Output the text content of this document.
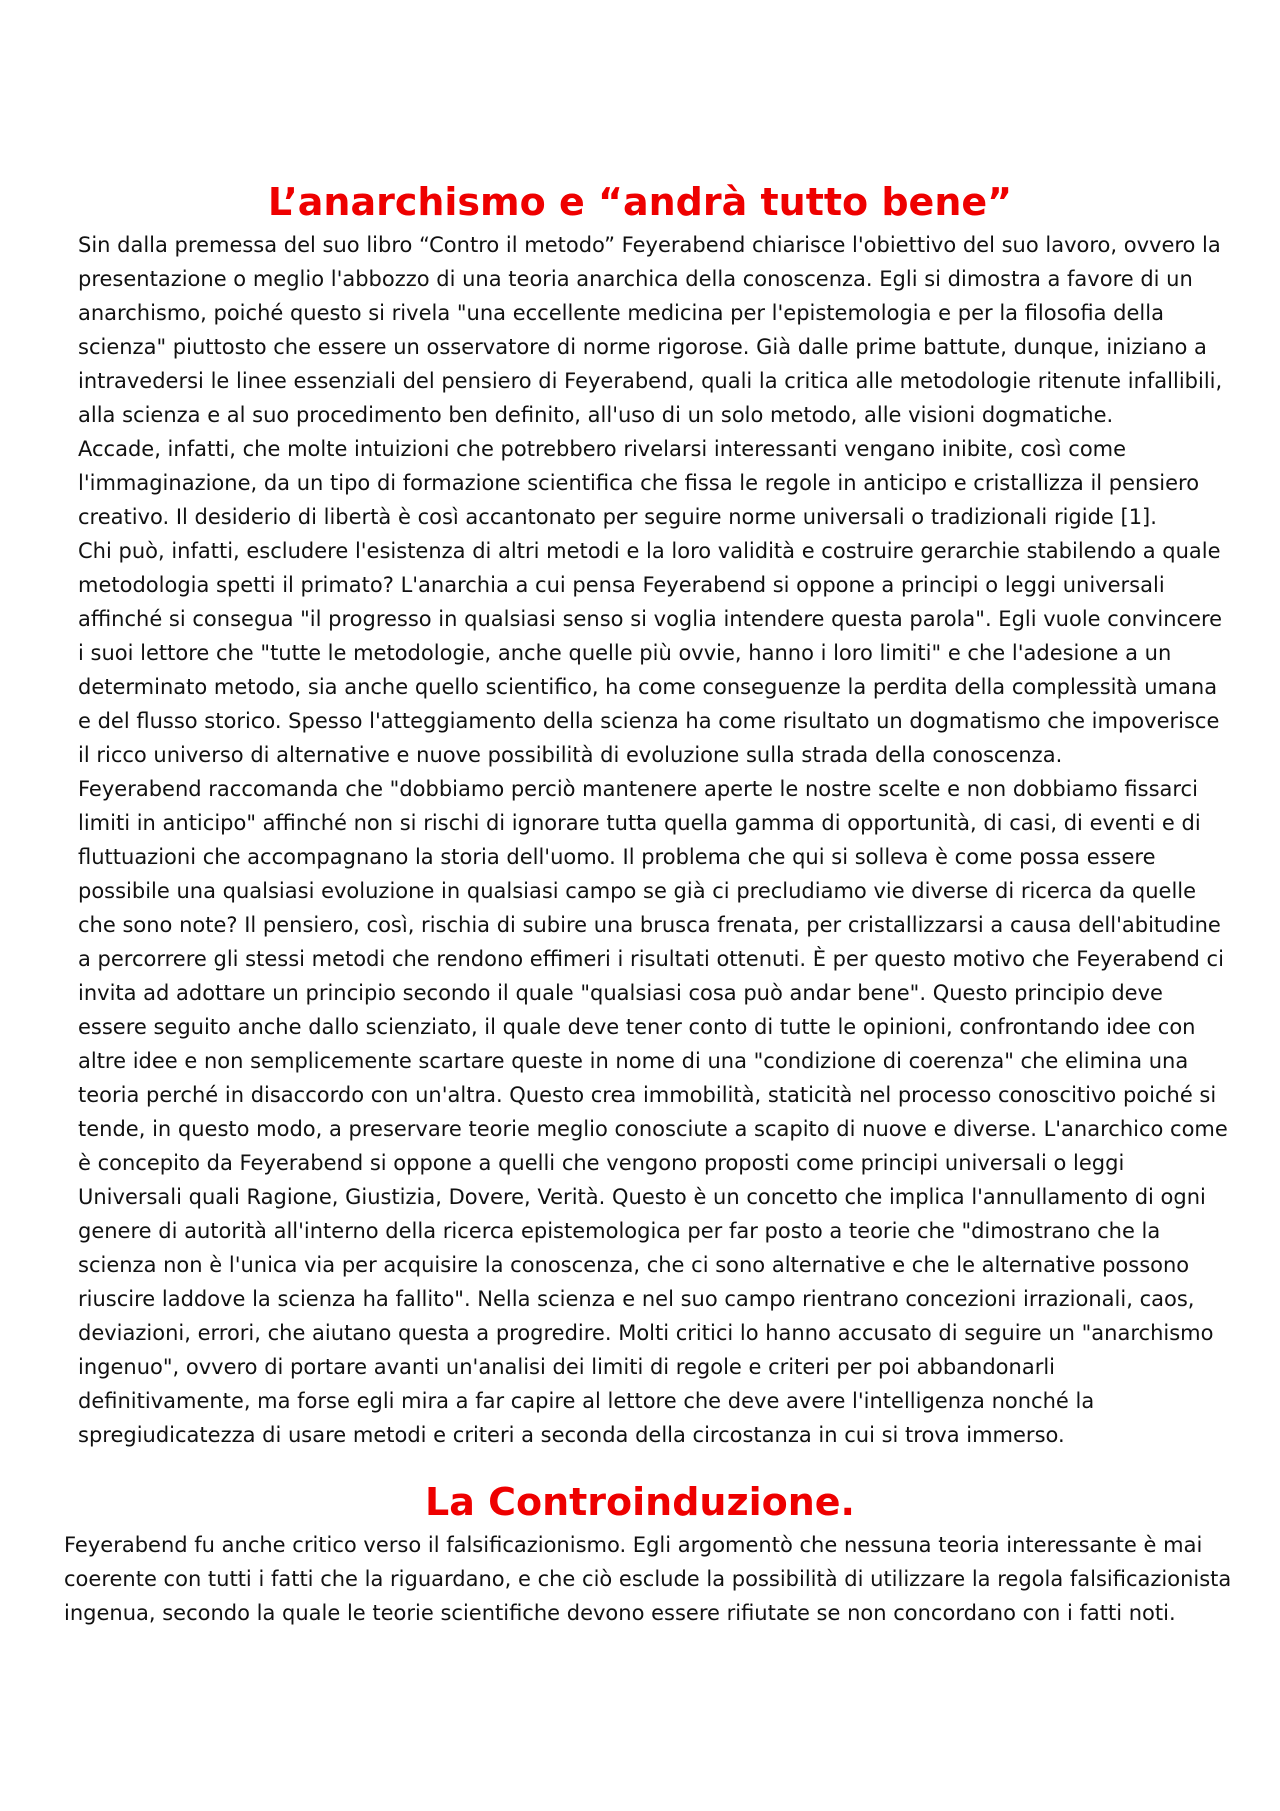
L’anarchismo e “andrà tutto bene”

Sin dalla premessa del suo libro “Contro il metodo” Feyerabend chiarisce l'obiettivo del suo lavoro, ovvero la presentazione o meglio l'abbozzo di una teoria anarchica della conoscenza. Egli si dimostra a favore di un anarchismo, poiché questo si rivela "una eccellente medicina per l'epistemologia e per la filosofia della scienza" piuttosto che essere un osservatore di norme rigorose. Già dalle prime battute, dunque, iniziano a intravedersi le linee essenziali del pensiero di Feyerabend, quali la critica alle metodologie ritenute infallibili, alla scienza e al suo procedimento ben definito, all'uso di un solo metodo, alle visioni dogmatiche.

Accade, infatti, che molte intuizioni che potrebbero rivelarsi interessanti vengano inibite, così come l'immaginazione, da un tipo di formazione scientifica che fissa le regole in anticipo e cristallizza il pensiero creativo. Il desiderio di libertà è così accantonato per seguire norme universali o tradizionali rigide [1].

Chi può, infatti, escludere l'esistenza di altri metodi e la loro validità e costruire gerarchie stabilendo a quale metodologia spetti il primato? L'anarchia a cui pensa Feyerabend si oppone a principi o leggi universali affinché si consegua "il progresso in qualsiasi senso si voglia intendere questa parola". Egli vuole convincere i suoi lettore che "tutte le metodologie, anche quelle più ovvie, hanno i loro limiti" e che l'adesione a un determinato metodo, sia anche quello scientifico, ha come conseguenze la perdita della complessità umana e del flusso storico. Spesso l'atteggiamento della scienza ha come risultato un dogmatismo che impoverisce il ricco universo di alternative e nuove possibilità di evoluzione sulla strada della conoscenza.

Feyerabend raccomanda che "dobbiamo perciò mantenere aperte le nostre scelte e non dobbiamo fissarci limiti in anticipo" affinché non si rischi di ignorare tutta quella gamma di opportunità, di casi, di eventi e di fluttuazioni che accompagnano la storia dell'uomo. Il problema che qui si solleva è come possa essere possibile una qualsiasi evoluzione in qualsiasi campo se già ci precludiamo vie diverse di ricerca da quelle che sono note? Il pensiero, così, rischia di subire una brusca frenata, per cristallizzarsi a causa dell'abitudine a percorrere gli stessi metodi che rendono effimeri i risultati ottenuti. È per questo motivo che Feyerabend ci invita ad adottare un principio secondo il quale "qualsiasi cosa può andar bene". Questo principio deve essere seguito anche dallo scienziato, il quale deve tener conto di tutte le opinioni, confrontando idee con altre idee e non semplicemente scartare queste in nome di una "condizione di coerenza" che elimina una teoria perché in disaccordo con un'altra. Questo crea immobilità, staticità nel processo conoscitivo poiché si tende, in questo modo, a preservare teorie meglio conosciute a scapito di nuove e diverse. L'anarchico come è concepito da Feyerabend si oppone a quelli che vengono proposti come principi universali o leggi Universali quali Ragione, Giustizia, Dovere, Verità. Questo è un concetto che implica l'annullamento di ogni genere di autorità all'interno della ricerca epistemologica per far posto a teorie che "dimostrano che la scienza non è l'unica via per acquisire la conoscenza, che ci sono alternative e che le alternative possono riuscire laddove la scienza ha fallito". Nella scienza e nel suo campo rientrano concezioni irrazionali, caos, deviazioni, errori, che aiutano questa a progredire. Molti critici lo hanno accusato di seguire un "anarchismo ingenuo", ovvero di portare avanti un'analisi dei limiti di regole e criteri per poi abbandonarli definitivamente, ma forse egli mira a far capire al lettore che deve avere l'intelligenza nonché la spregiudicatezza di usare metodi e criteri a seconda della circostanza in cui si trova immerso.

La Controinduzione.

Feyerabend fu anche critico verso il falsificazionismo. Egli argomentò che nessuna teoria interessante è mai coerente con tutti i fatti che la riguardano, e che ciò esclude la possibilità di utilizzare la regola falsificazionista ingenua, secondo la quale le teorie scientifiche devono essere rifiutate se non concordano con i fatti noti.
